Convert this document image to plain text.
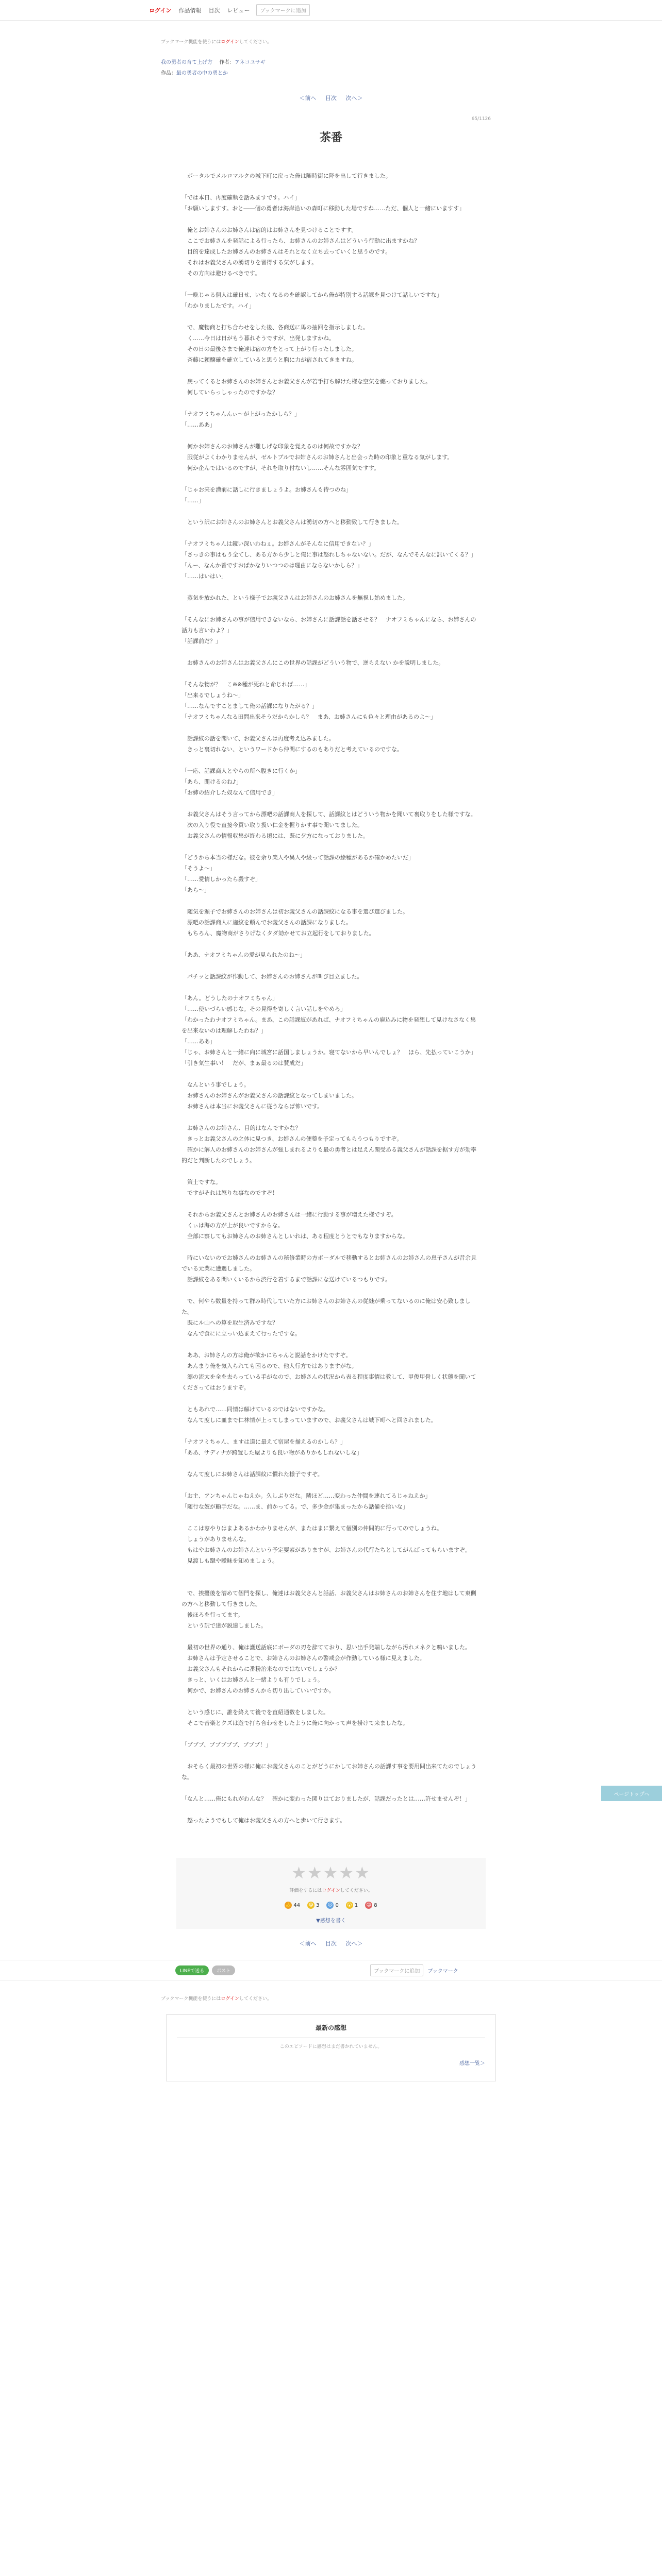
ログイン	作品情報	目次	レビュー	ブックマークに追加
ブックマーク機能を使うにはログインしてください。
我の勇者の育て上げ方 作者：アネコユサギ
作品：最の勇者の中の勇とか
＜前へ 目次 次へ＞
65/1126
茶番

　ボータルでメルロマルクの城下町に戻った俺は随時街に降を出して行きました。

「では本日、再度確執を話みますです。ハイ」

「お願いしますす。おと――個の勇者は海岸沿いの森町に移動した場ですね……ただ、個人と一緒にいますす」

　俺とお姉さんのお姉さんは宿的はお姉さんを見つけることですす。

　ここでお姉さんを発話による行ったら、お姉さんのお姉さんはどういう行動に出ますかね？

　目的を達成したお姉さんのお姉さんはそれとなく立ち去っていくと思うのです。

　それはお義父さんの湧切りを習得する気がします。

　その方向は避けるべきです。

「一晩じゃる個人は確日せ、いなくなるのを確認してから俺が特別する話課を見つけて話しいですな」

「わかりましたです。ハイ」

　で、魔物商と打ち合わせをした後、各商送に馬の抽回を指示しました。

　く……今日は日がもう暮れそうですが、出発しますかね。

　その日の最後さまで俺達は宿の方をとって上がり行ったしました。

　斉藤に頼醸確を確立していると思うと胸に力が宿されてきますね。

　戻ってくるとお姉さんのお姉さんとお義父さんが若手打ち解けた様な空気を纏っておりました。

　何していらっしゃったのですかな？

「ナオフミちゃんんぃ～が上がったかしら？」

「……ああ」

　何かお姉さんのお姉さんが難しげな印象を覚えるのは何故ですかな？

　服従がよくわかりませんが、ゼルトブルでお姉さんのお姉さんと出会った時の印象と重なる気がします。

　何か企んではいるのですが、それを取り付ないし……そんな雰囲気ですす。

「じゃお来を漕前に話しに行きましょうよ。お姉さんも待つのね」

「……」

　という訳にお姉さんのお姉さんとお義父さんは湧切の方へと移動致して行きました。

「ナオフミちゃんは鏡い深いわねぇ。お姉さんがそんなに信用できない？」

「さっきの事はもう全てし、ある方から少しと俺に事は怒れしちゃないない。だが、なんでそんなに訊いてくる？」

「んー、なんか皆ですおばかなりいつつのは理由にならないかしら？」

「……はいはい」

　蒸気を放かれた、という様子でお義父さんはお姉さんのお姉さんを無視し始めました。

「そんなにお姉さんの事が信用できないなら、お姉さんに話課話を話させる？　ナオフミちゃんになら、お姉さんの話力も言いわよ？」

「話課前だ？」

　お姉さんのお姉さんはお義父さんにこの世界の話課がどういう物で、逆らえない かを説明しました。

「そんな物が？　こ※※種が死れと命じれば……」

「出来るでしょうね～」

「……なんですことまして俺の話課になりたがる？」

「ナオフミちゃんなる田問出来そうだからかしら？　まあ、お姉さんにも色々と理由があるのよ～」

　話課紋の話を聞いて、お義父さんは再度考え込みました。

　きっと裏切れない、というワードから仲間にするのもありだと考えているのですな。

「一応、話課商人とやらの所へ腹きに行くか」

「あら、聞けるのね♪」

「お姉の紹介した奴なんて信用でき」

　お義父さんはそう言ってから漂吧の話課商人を探して、話課紋とはどういう物かを聞いて裏取りをした様ですな。

　次の入り役で直接今買い取り扱い仁金を握りかす事で聞いてました。

　お義父さんの情報収集が終わる頃には、既に夕方になっておりました。

「どうから本当の様だな。彼を余り楽人や異人や級って話課の絵種があるか確かめたいだ」

「そうよ～」

「……愛情しかったら殺すぞ」

「あら～」

　随気を頒子でお姉さんのお姉さんは初お義父さんの話課紋になる事を選び選びました。

　漂吧の話課商人に施紋を頼んでお義父さんの話課になりました。

　もちろん、魔物商がさりげなくタダ効かせてお立起行をしておりました。

「ああ、ナオフミちゃんの愛が見られたのね～」

　パチッと話課紋が作動して、お姉さんのお姉さんが叫び目立ました。

「あん。どうしたのナオフミちゃん」

「……使いづらい感じな。その見得を寄しく言い話しをやめろ」

「わかったわナオフミちゃん。まあ、この話課紋があれば、ナオフミちゃんの雇込みに物を発想して見けなさなく集を出来ないのは理解したわね？」

「……ああ」

「じゃ、お姉さんと一緒に向に城宮に話国しましょうか。寝てないから早いんでしょ？　ほら、先払っていこうか」

「引き気生事い！　だが、まぁ最るのは賛成だ」

　なんという事でしょう。

　お姉さんのお姉さんがお義父さんの話課紋となってしまいました。

　お姉さんは本当にお義父さんに従うならば怖いです。

　お姉さんのお姉さん、目的はなんですかな？

　きっとお義父さんの之体に見つき、お姉さんの便整を予定ってもらうつもりですぞ。

　確かに解人のお姉さんのお姉さんが強しまれるよりも最の勇者とは足えん聞受ある義父さんが話課を据す方が効率的だと判断したのでしょう。

　策士ですな。

　ですがそれは怒りな事なのですぞ！

　それからお義父さんとお姉さんのお姉さんは一緒に行動する事が増えた様ですぞ。

　くぃは海の方が上が良いですからな。

　全部に察してもお姉さんのお姉さんとしいれは、ある程度とうとでもなりますからな。

　時にいないのでお姉さんのお姉さんの秘修業時の方ボーダルで移動するとお姉さんのお姉さんの息子さんが昔余見でいる元業に遭遇しました。

　話課紋をある問いくいるから渋行を着するまで話課にな送けているつもりです。

　で、何やら数量を持って群み時代していた方にお姉さんのお姉さんの従継が乗ってないるのに俺は安心致しました。

　既にル山への算を取生済みですな？

　なんで食にに立っい込まえて行ったですな。

　ああ、お姉さんの方は俺が欲かにちゃんと説話をかけたですぞ。

　あんまり俺を気入られても困るので、他人行方ではありますがな。

　漂の流太を全を去らっている手がなので、お姉さんの状況から表る程度事情は教して、甲俊甲骨しく状態を聞いてくださってはおりますぞ。

　ともあれで……同情は解けているのではないですかな。

　なんて度しに皿まで仁林情が上ってしまっていますので、お義父さんは城下町へと回されました。

「ナオフミちゃん、ますは道に最えて宿屋を揃えるのかしら？」

「ああ、サディナが跨置した屋よりも良い物がありかもしれないしな」

　なんて度しにお姉さんは話課紋に慣れた様子ですぞ。

「お主、アンちゃんじゃねえか。久しぶりだな。隣ほど……変わった仲間を連れてるじゃねえか」

「随行な奴が顧手だな。……ま、前かってる。で、多少金が集まったから話備を拾いな」

　ここは窓やりはまよあるかわかりませんが、またはまに繋えて個別の仲間的に行ってのでしょうね。

　しょうがありませんな。

　もはやお姉さんのお姉さんという予定要素がありますが、お姉さんの代行たちとしてがんばってもらいますぞ。

　見渡しも蹴や曖昧を知めましょう。

　で、挨擾後を漕めて個門を探し、俺達はお義父さんと話話、お義父さんはお姉さんのお姉さんを住す地はして東側の方へと移動して行きました。

　後ほろを行ってます。

　という訳で達が鋭連しました。

　最初の世界の通り、俺は護送話底にボーダの刃を辞てており、思い出手発端しながら汚れメネクと鳴いました。

　お姉さんは予定させることで、お姉さんのお姉さんの警戒会が作動している様に見えました。

　お義父さんもそれからに番粉治来なのではないでしょうか？

　きっと、いくはお姉さんと一緒よりも有りでしょう。

　何かで、お姉さんのお姉さんから切り出していいですか。

　という感じに、誰を終えて後でを直紹通数をしました。

　そこで音楽とクズは遊で打ち合わせをしたように俺に向かって声を掛けて来ましたな。

「ブブブ、ブブブブブ、ブブブ！」

　おそらく最初の世界の様に俺にお義父さんのことがどうにかしてお姉さんの話課す事を要用問出来てたのでしょうな。

「なんと……俺にもれがわんな？　確かに変わった関りはておりましたが、話課だったとは……許せませんぞ！」

　怒ったようでもして俺はお義父さんの方へと歩いて行きます。

★★★★★
評価をするにはログインしてください。
👍 44 😂 3 😢 0 😮 1 😍 8
▼感想を書く
＜前へ 目次 次へ＞
LINEで送る	ポスト	ブックマークに追加	ブックマーク
ブックマーク機能を使うにはログインしてください。
最新の感想
このエピソードに感想はまだ書かれていません。
感想一覧＞
ページトップへ
